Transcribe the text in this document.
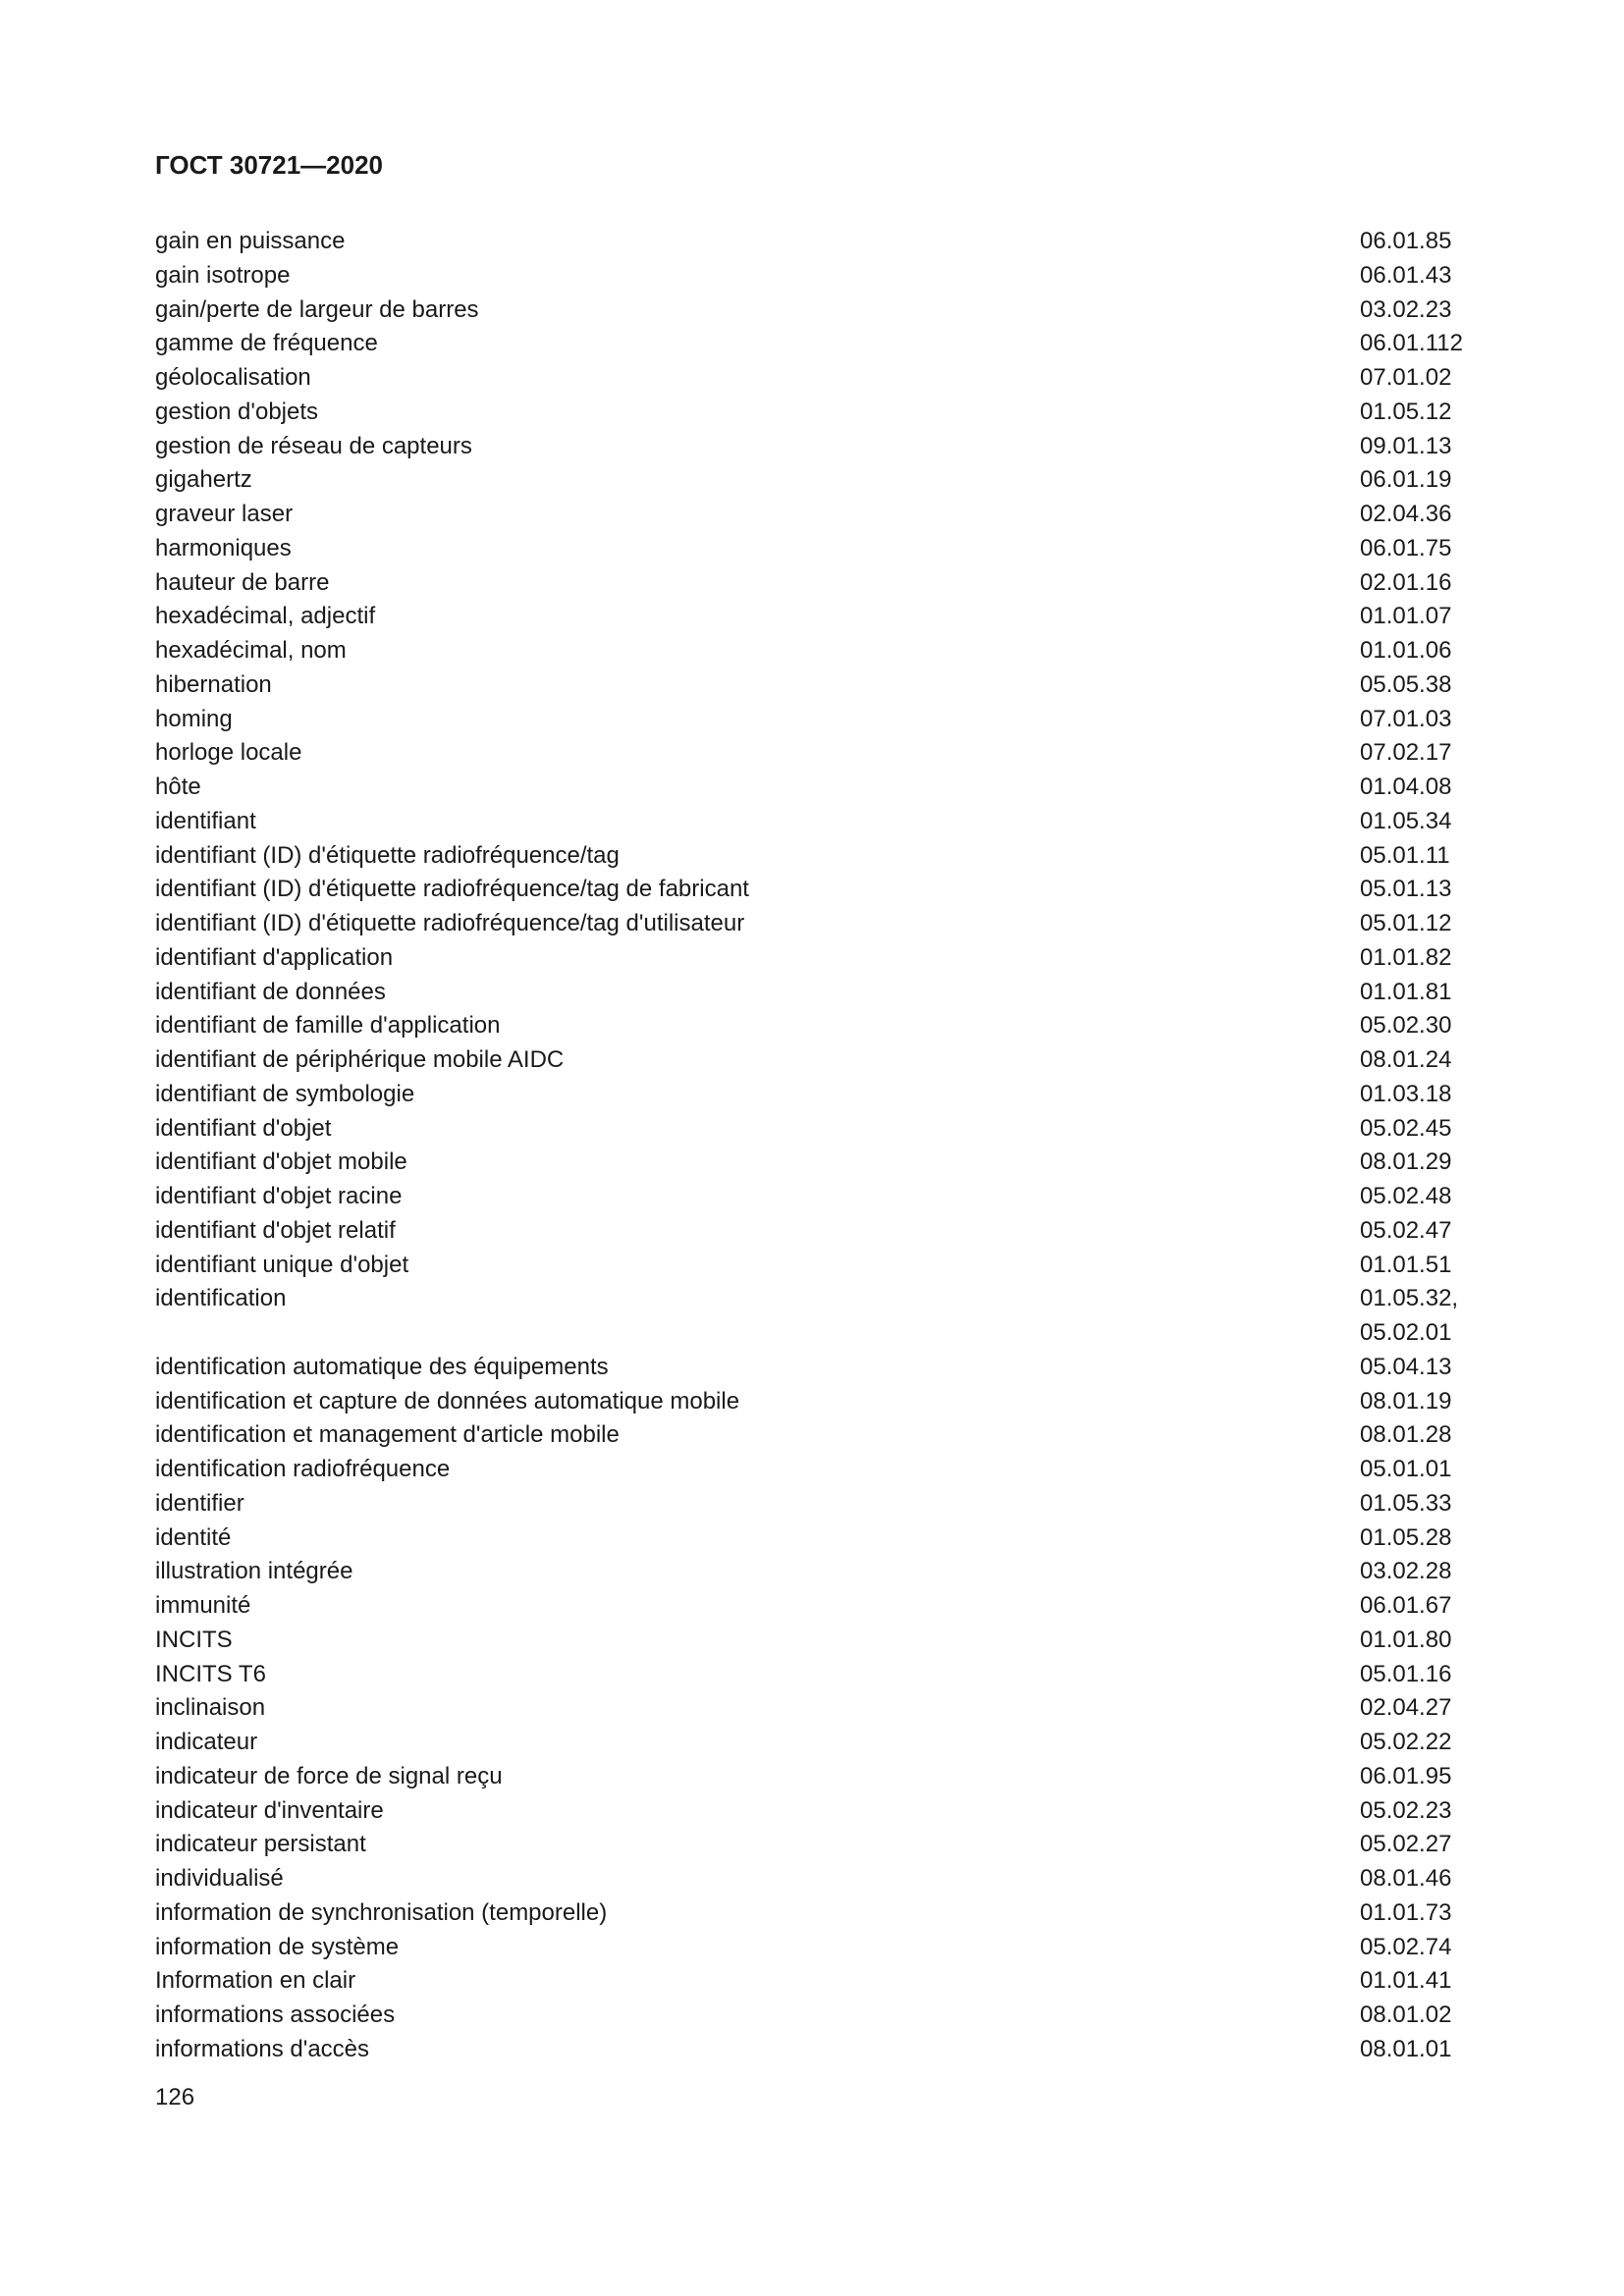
ГОСТ 30721—2020
gain en puissance	06.01.85
gain isotrope	06.01.43
gain/perte de largeur de barres	03.02.23
gamme de fréquence	06.01.112
géolocalisation	07.01.02
gestion d'objets	01.05.12
gestion de réseau de capteurs	09.01.13
gigahertz	06.01.19
graveur laser	02.04.36
harmoniques	06.01.75
hauteur de barre	02.01.16
hexadécimal, adjectif	01.01.07
hexadécimal, nom	01.01.06
hibernation	05.05.38
homing	07.01.03
horloge locale	07.02.17
hôte	01.04.08
identifiant	01.05.34
identifiant (ID) d'étiquette radiofréquence/tag	05.01.11
identifiant (ID) d'étiquette radiofréquence/tag de fabricant	05.01.13
identifiant (ID) d'étiquette radiofréquence/tag d'utilisateur	05.01.12
identifiant d'application	01.01.82
identifiant de données	01.01.81
identifiant de famille d'application	05.02.30
identifiant de périphérique mobile AIDC	08.01.24
identifiant de symbologie	01.03.18
identifiant d'objet	05.02.45
identifiant d'objet mobile	08.01.29
identifiant d'objet racine	05.02.48
identifiant d'objet relatif	05.02.47
identifiant unique d'objet	01.01.51
identification	01.05.32,
05.02.01
identification automatique des équipements	05.04.13
identification et capture de données automatique mobile	08.01.19
identification et management d'article mobile	08.01.28
identification radiofréquence	05.01.01
identifier	01.05.33
identité	01.05.28
illustration intégrée	03.02.28
immunité	06.01.67
INCITS	01.01.80
INCITS T6	05.01.16
inclinaison	02.04.27
indicateur	05.02.22
indicateur de force de signal reçu	06.01.95
indicateur d'inventaire	05.02.23
indicateur persistant	05.02.27
individualisé	08.01.46
information de synchronisation (temporelle)	01.01.73
information de système	05.02.74
Information en clair	01.01.41
informations associées	08.01.02
informations d'accès	08.01.01
126
